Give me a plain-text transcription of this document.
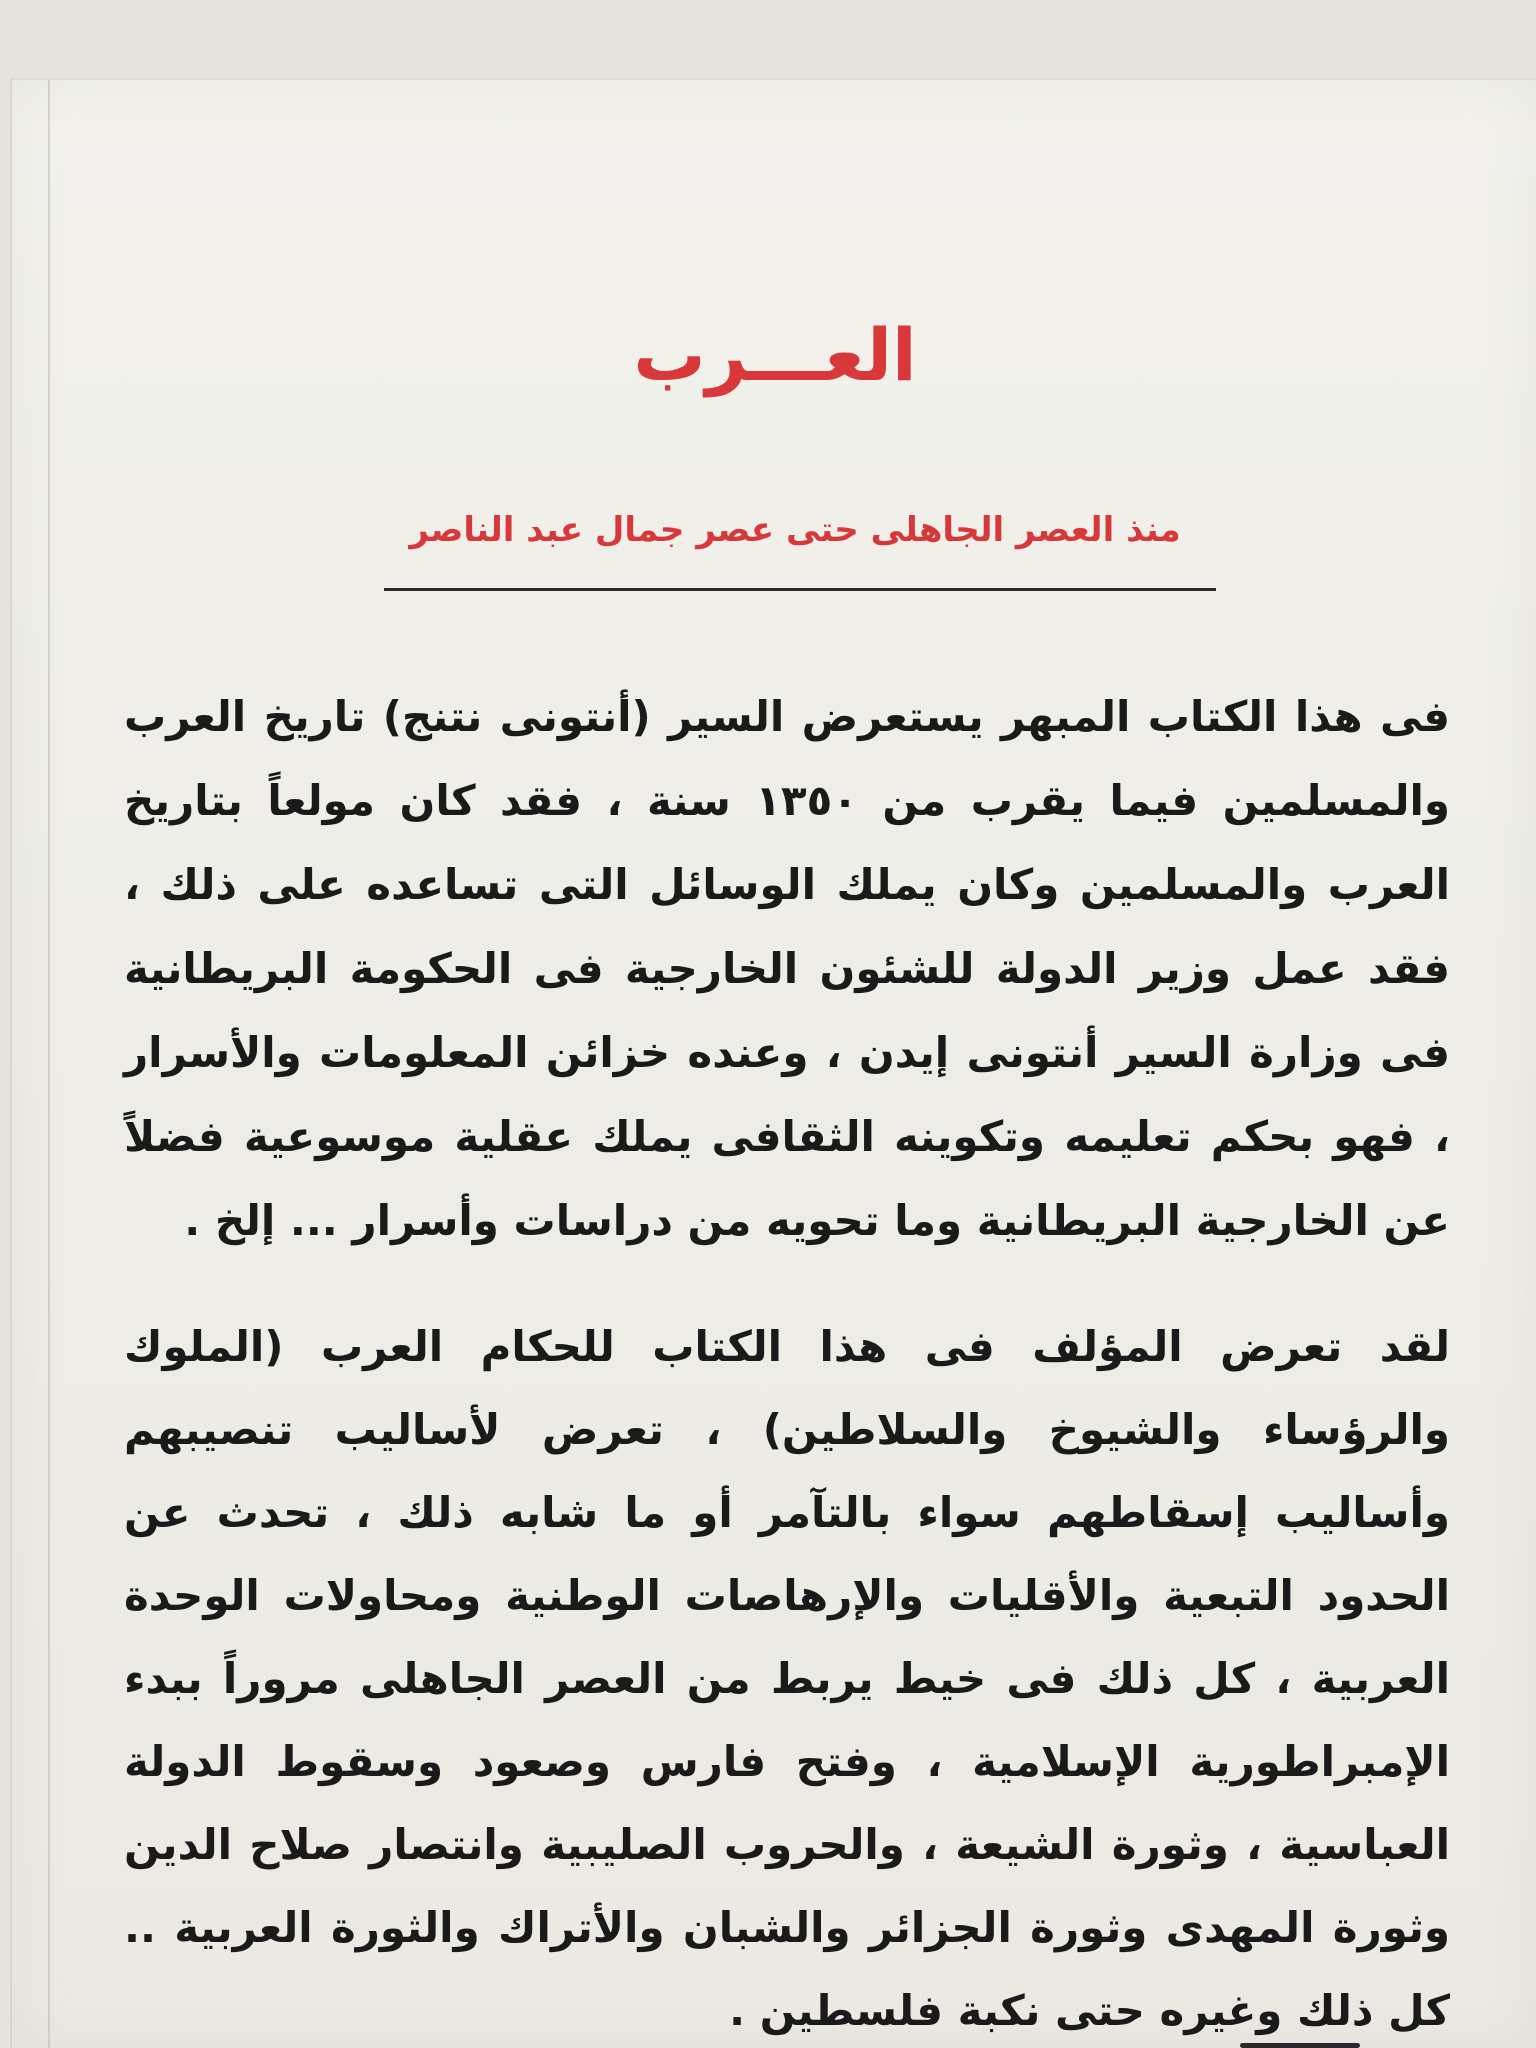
العـــرب
منذ العصر الجاهلى حتى عصر جمال عبد الناصر

فى هذا الكتاب المبهر يستعرض السير (أنتونى نتنج) تاريخ العرب والمسلمين فيما يقرب من ١٣٥٠ سنة ، فقد كان مولعاً بتاريخ العرب والمسلمين وكان يملك الوسائل التى تساعده على ذلك ، فقد عمل وزير الدولة للشئون الخارجية فى الحكومة البريطانية فى وزارة السير أنتونى إيدن ، وعنده خزائن المعلومات والأسرار ، فهو بحكم تعليمه وتكوينه الثقافى يملك عقلية موسوعية فضلاً عن الخارجية البريطانية وما تحويه من دراسات وأسرار ... إلخ .

لقد تعرض المؤلف فى هذا الكتاب للحكام العرب (الملوك والرؤساء والشيوخ والسلاطين) ، تعرض لأساليب تنصيبهم وأساليب إسقاطهم سواء بالتآمر أو ما شابه ذلك ، تحدث عن الحدود التبعية والأقليات والإرهاصات الوطنية ومحاولات الوحدة العربية ، كل ذلك فى خيط يربط من العصر الجاهلى مروراً ببدء الإمبراطورية الإسلامية ، وفتح فارس وصعود وسقوط الدولة العباسية ، وثورة الشيعة ، والحروب الصليبية وانتصار صلاح الدين وثورة المهدى وثورة الجزائر والشبان والأتراك والثورة العربية .. كل ذلك وغيره حتى نكبة فلسطين .
